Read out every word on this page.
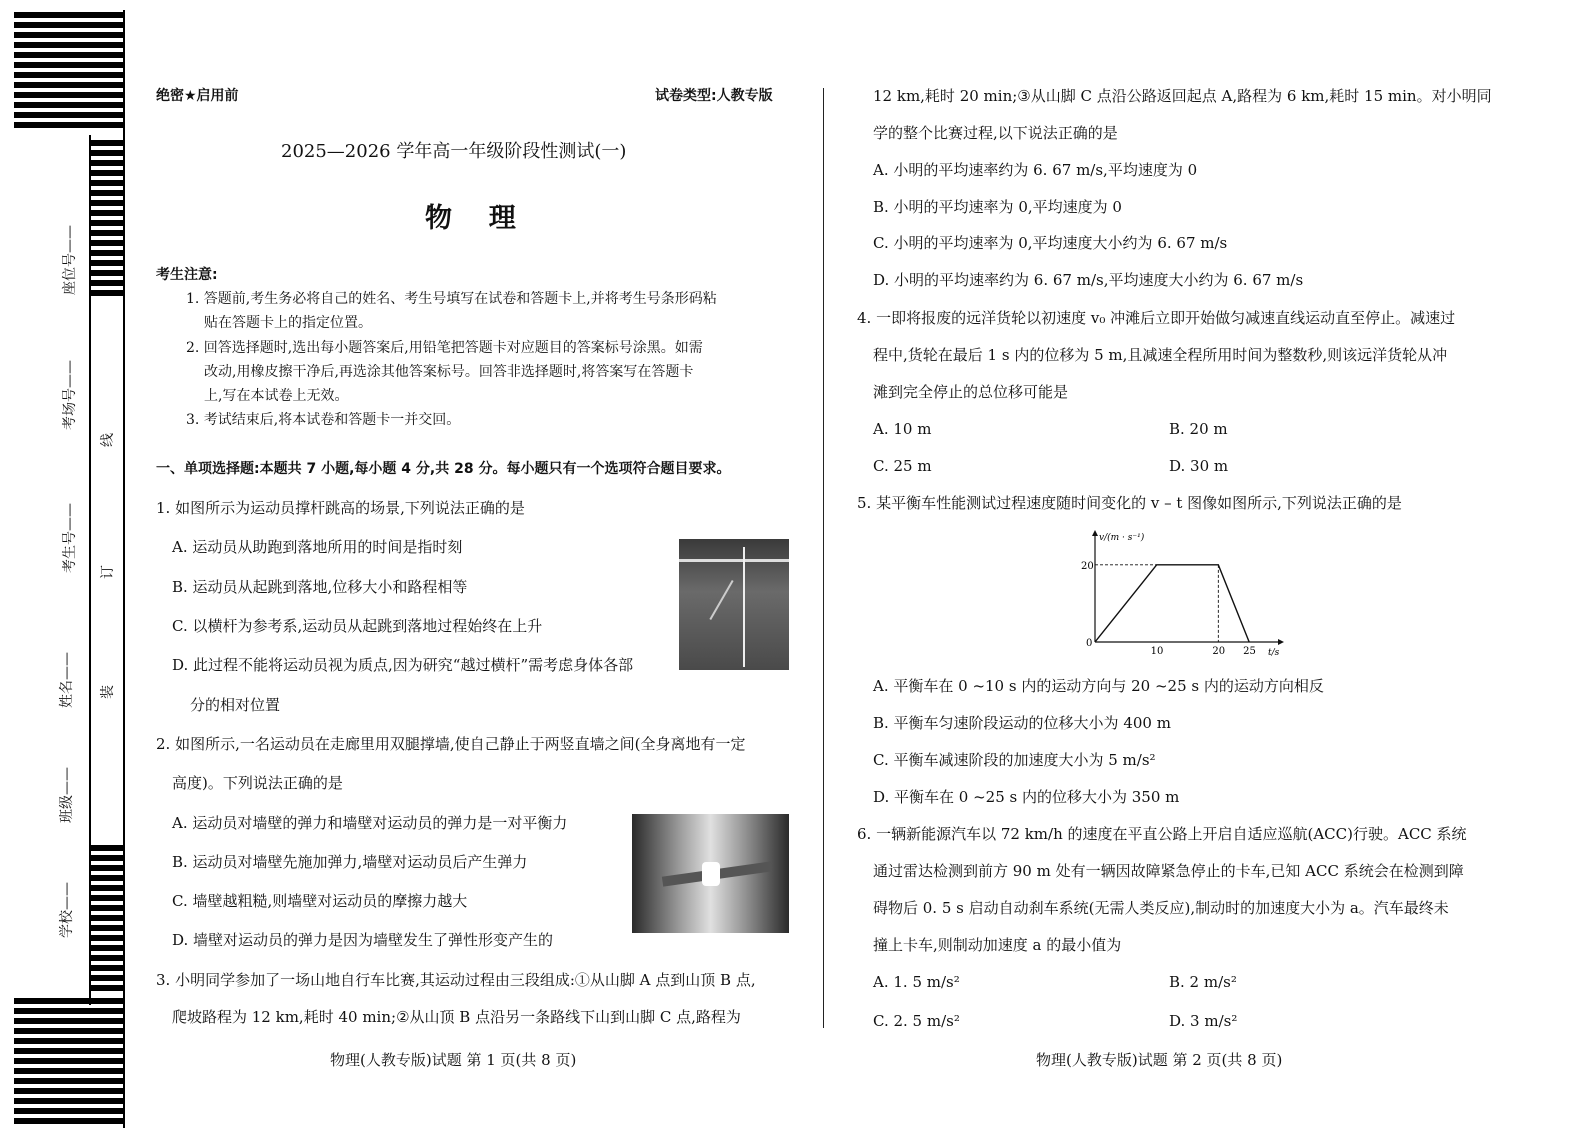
座位号——
考场号——
考生号——
姓名——
班级——
学校——
线
订
装
绝密★启用前	试卷类型:人教专版
2025—2026 学年高一年级阶段性测试(一)
物  理
考生注意:
1. 答题前,考生务必将自己的姓名、考生号填写在试卷和答题卡上,并将考生号条形码粘
贴在答题卡上的指定位置。
2. 回答选择题时,选出每小题答案后,用铅笔把答题卡对应题目的答案标号涂黑。如需
改动,用橡皮擦干净后,再选涂其他答案标号。回答非选择题时,将答案写在答题卡
上,写在本试卷上无效。
3. 考试结束后,将本试卷和答题卡一并交回。
一、单项选择题:本题共 7 小题,每小题 4 分,共 28 分。每小题只有一个选项符合题目要求。
1. 如图所示为运动员撑杆跳高的场景,下列说法正确的是
A. 运动员从助跑到落地所用的时间是指时刻
B. 运动员从起跳到落地,位移大小和路程相等
C. 以横杆为参考系,运动员从起跳到落地过程始终在上升
D. 此过程不能将运动员视为质点,因为研究“越过横杆”需考虑身体各部
分的相对位置
2. 如图所示,一名运动员在走廊里用双腿撑墙,使自己静止于两竖直墙之间(全身离地有一定
高度)。下列说法正确的是
A. 运动员对墙壁的弹力和墙壁对运动员的弹力是一对平衡力
B. 运动员对墙壁先施加弹力,墙壁对运动员后产生弹力
C. 墙壁越粗糙,则墙壁对运动员的摩擦力越大
D. 墙壁对运动员的弹力是因为墙壁发生了弹性形变产生的
3. 小明同学参加了一场山地自行车比赛,其运动过程由三段组成:①从山脚 A 点到山顶 B 点,
爬坡路程为 12 km,耗时 40 min;②从山顶 B 点沿另一条路线下山到山脚 C 点,路程为
物理(人教专版)试题 第 1 页(共 8 页)
12 km,耗时 20 min;③从山脚 C 点沿公路返回起点 A,路程为 6 km,耗时 15 min。对小明同
学的整个比赛过程,以下说法正确的是
A. 小明的平均速率约为 6. 67 m/s,平均速度为 0
B. 小明的平均速率为 0,平均速度为 0
C. 小明的平均速率为 0,平均速度大小约为 6. 67 m/s
D. 小明的平均速率约为 6. 67 m/s,平均速度大小约为 6. 67 m/s
4. 一即将报废的远洋货轮以初速度 v₀ 冲滩后立即开始做匀减速直线运动直至停止。减速过
程中,货轮在最后 1 s 内的位移为 5 m,且减速全程所用时间为整数秒,则该远洋货轮从冲
滩到完全停止的总位移可能是
A. 10 m	B. 20 m
C. 25 m	D. 30 m
5. 某平衡车性能测试过程速度随时间变化的 v – t 图像如图所示,下列说法正确的是
v/(m · s⁻¹)
t/s
0
10	20 25
20
A. 平衡车在 0 ~10 s 内的运动方向与 20 ~25 s 内的运动方向相反
B. 平衡车匀速阶段运动的位移大小为 400 m
C. 平衡车减速阶段的加速度大小为 5 m/s²
D. 平衡车在 0 ~25 s 内的位移大小为 350 m
6. 一辆新能源汽车以 72 km/h 的速度在平直公路上开启自适应巡航(ACC)行驶。ACC 系统
通过雷达检测到前方 90 m 处有一辆因故障紧急停止的卡车,已知 ACC 系统会在检测到障
碍物后 0. 5 s 启动自动刹车系统(无需人类反应),制动时的加速度大小为 a。汽车最终未
撞上卡车,则制动加速度 a 的最小值为
A. 1. 5 m/s²	B. 2 m/s²
C. 2. 5 m/s²	D. 3 m/s²
物理(人教专版)试题 第 2 页(共 8 页)
